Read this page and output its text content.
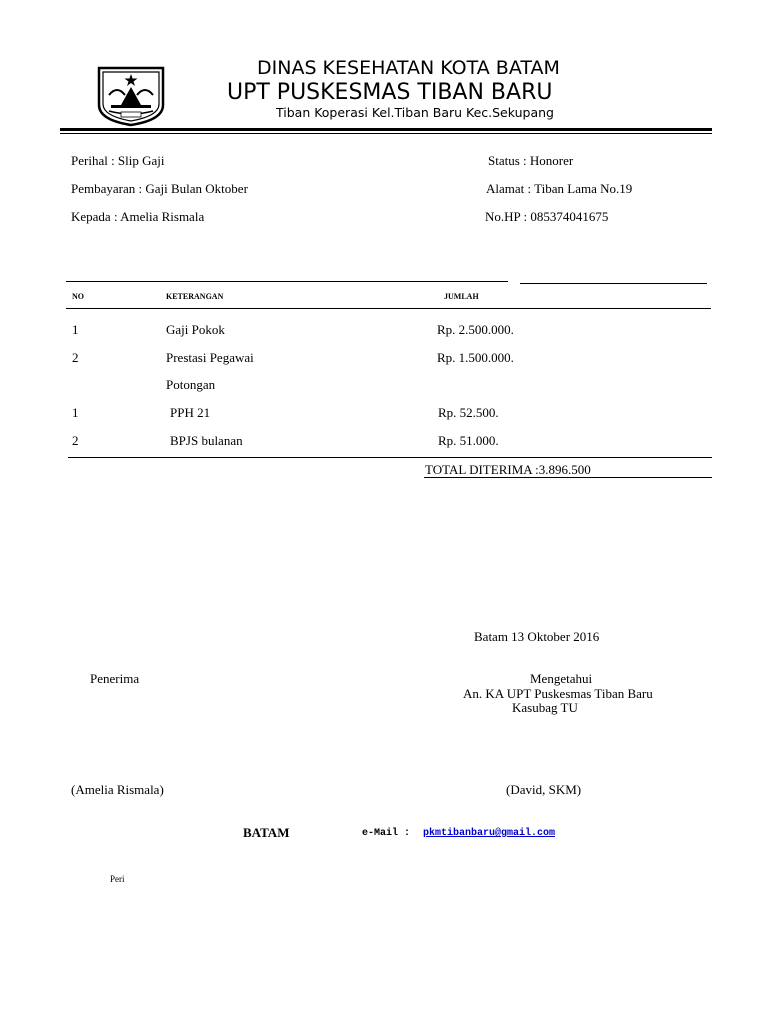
DINAS KESEHATAN KOTA BATAM
UPT PUSKESMAS TIBAN BARU
Tiban Koperasi Kel.Tiban Baru Kec.Sekupang
Perihal : Slip Gaji	Status : Honorer
Pembayaran : Gaji Bulan Oktober	Alamat : Tiban Lama No.19
Kepada : Amelia Rismala	No.HP : 085374041675
NO	KETERANGAN	JUMLAH
1	Gaji Pokok	Rp. 2.500.000.
2	Prestasi Pegawai	Rp. 1.500.000.
Potongan
1	PPH 21	Rp. 52.500.
2	BPJS bulanan	Rp. 51.000.
TOTAL DITERIMA :3.896.500
Batam 13 Oktober 2016
Penerima	Mengetahui
An. KA UPT Puskesmas Tiban Baru
Kasubag TU
(Amelia Rismala)	(David, SKM)
BATAM	e-Mail : pkmtibanbaru@gmail.com
Peri
